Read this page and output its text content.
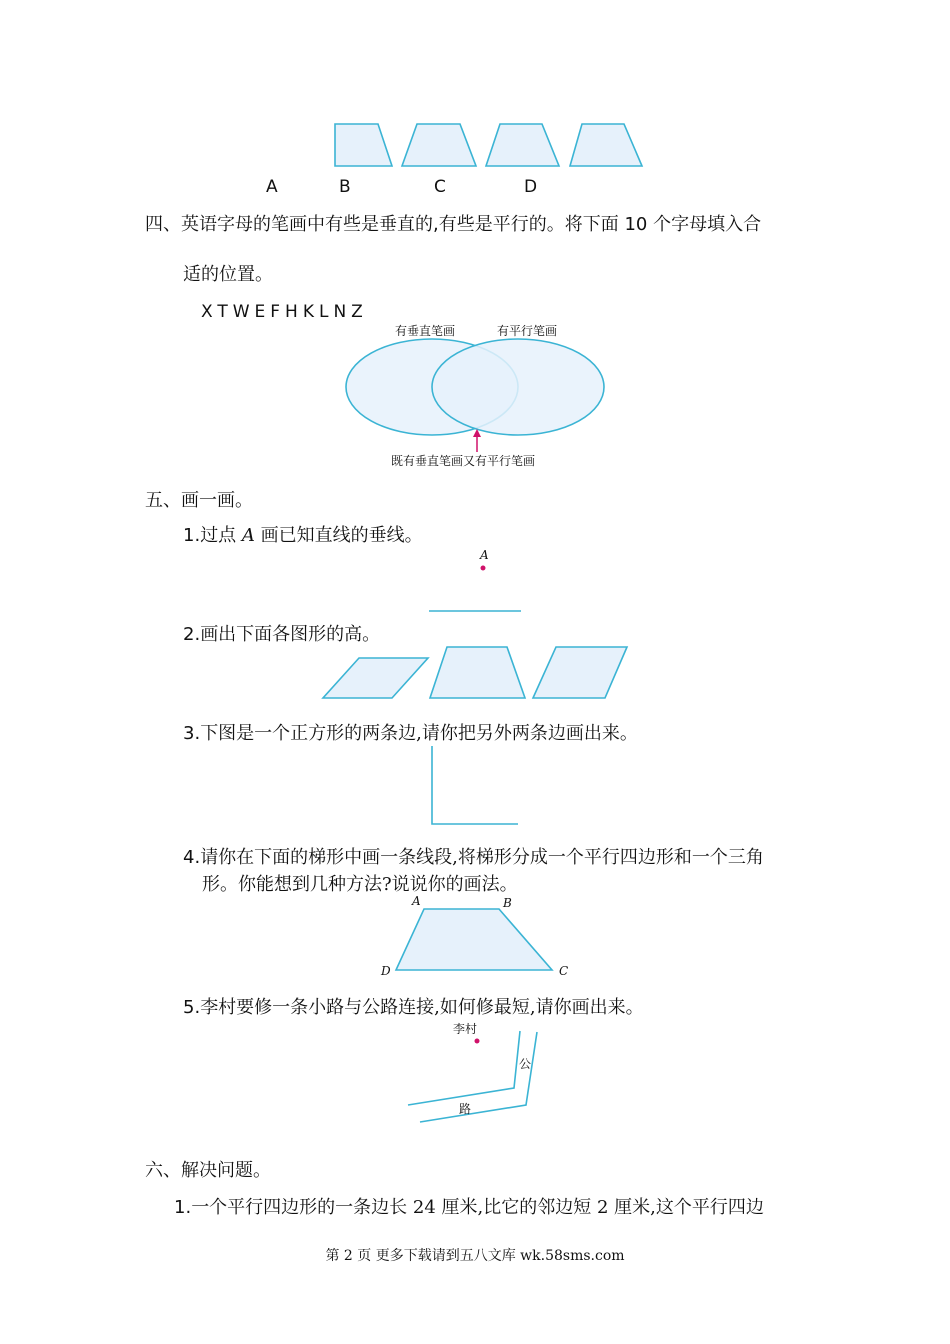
A	B	C	D
四、英语字母的笔画中有些是垂直的,有些是平行的。将下面 10 个字母填入合
适的位置。
XTWEFHKLNZ
有垂直笔画	有平行笔画
既有垂直笔画又有平行笔画
五、画一画。
1.过点 A 画已知直线的垂线。
A
2.画出下面各图形的高。
3.下图是一个正方形的两条边,请你把另外两条边画出来。
4.请你在下面的梯形中画一条线段,将梯形分成一个平行四边形和一个三角
形。你能想到几种方法?说说你的画法。
A	B
C
D
5.李村要修一条小路与公路连接,如何修最短,请你画出来。
李村
公
路
六、解决问题。
1.一个平行四边形的一条边长 24 厘米,比它的邻边短 2 厘米,这个平行四边
第 2 页 更多下载请到五八文库 wk.58sms.com
